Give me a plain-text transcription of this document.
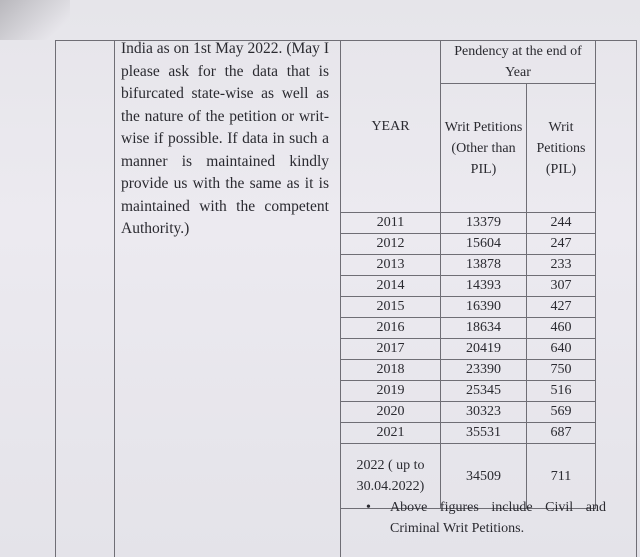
India as on 1st May 2022. (May I please ask for the data that is bifurcated state-wise as well as the nature of the petition or writ-wise if possible. If data in such a manner is maintained kindly provide us with the same as it is maintained with the competent Authority.)
YEAR	Pendency at the end of Year	
	Writ Petitions (Other than PIL)	Writ Petitions (PIL)
2011	13379	244
2012	15604	247
2013	13878	233
2014	14393	307
2015	16390	427
2016	18634	460
2017	20419	640
2018	23390	750
2019	25345	516
2020	30323	569
2021	35531	687
2022 ( up to 30.04.2022)	34509	711
• Above figures include Civil and Criminal Writ Petitions.
